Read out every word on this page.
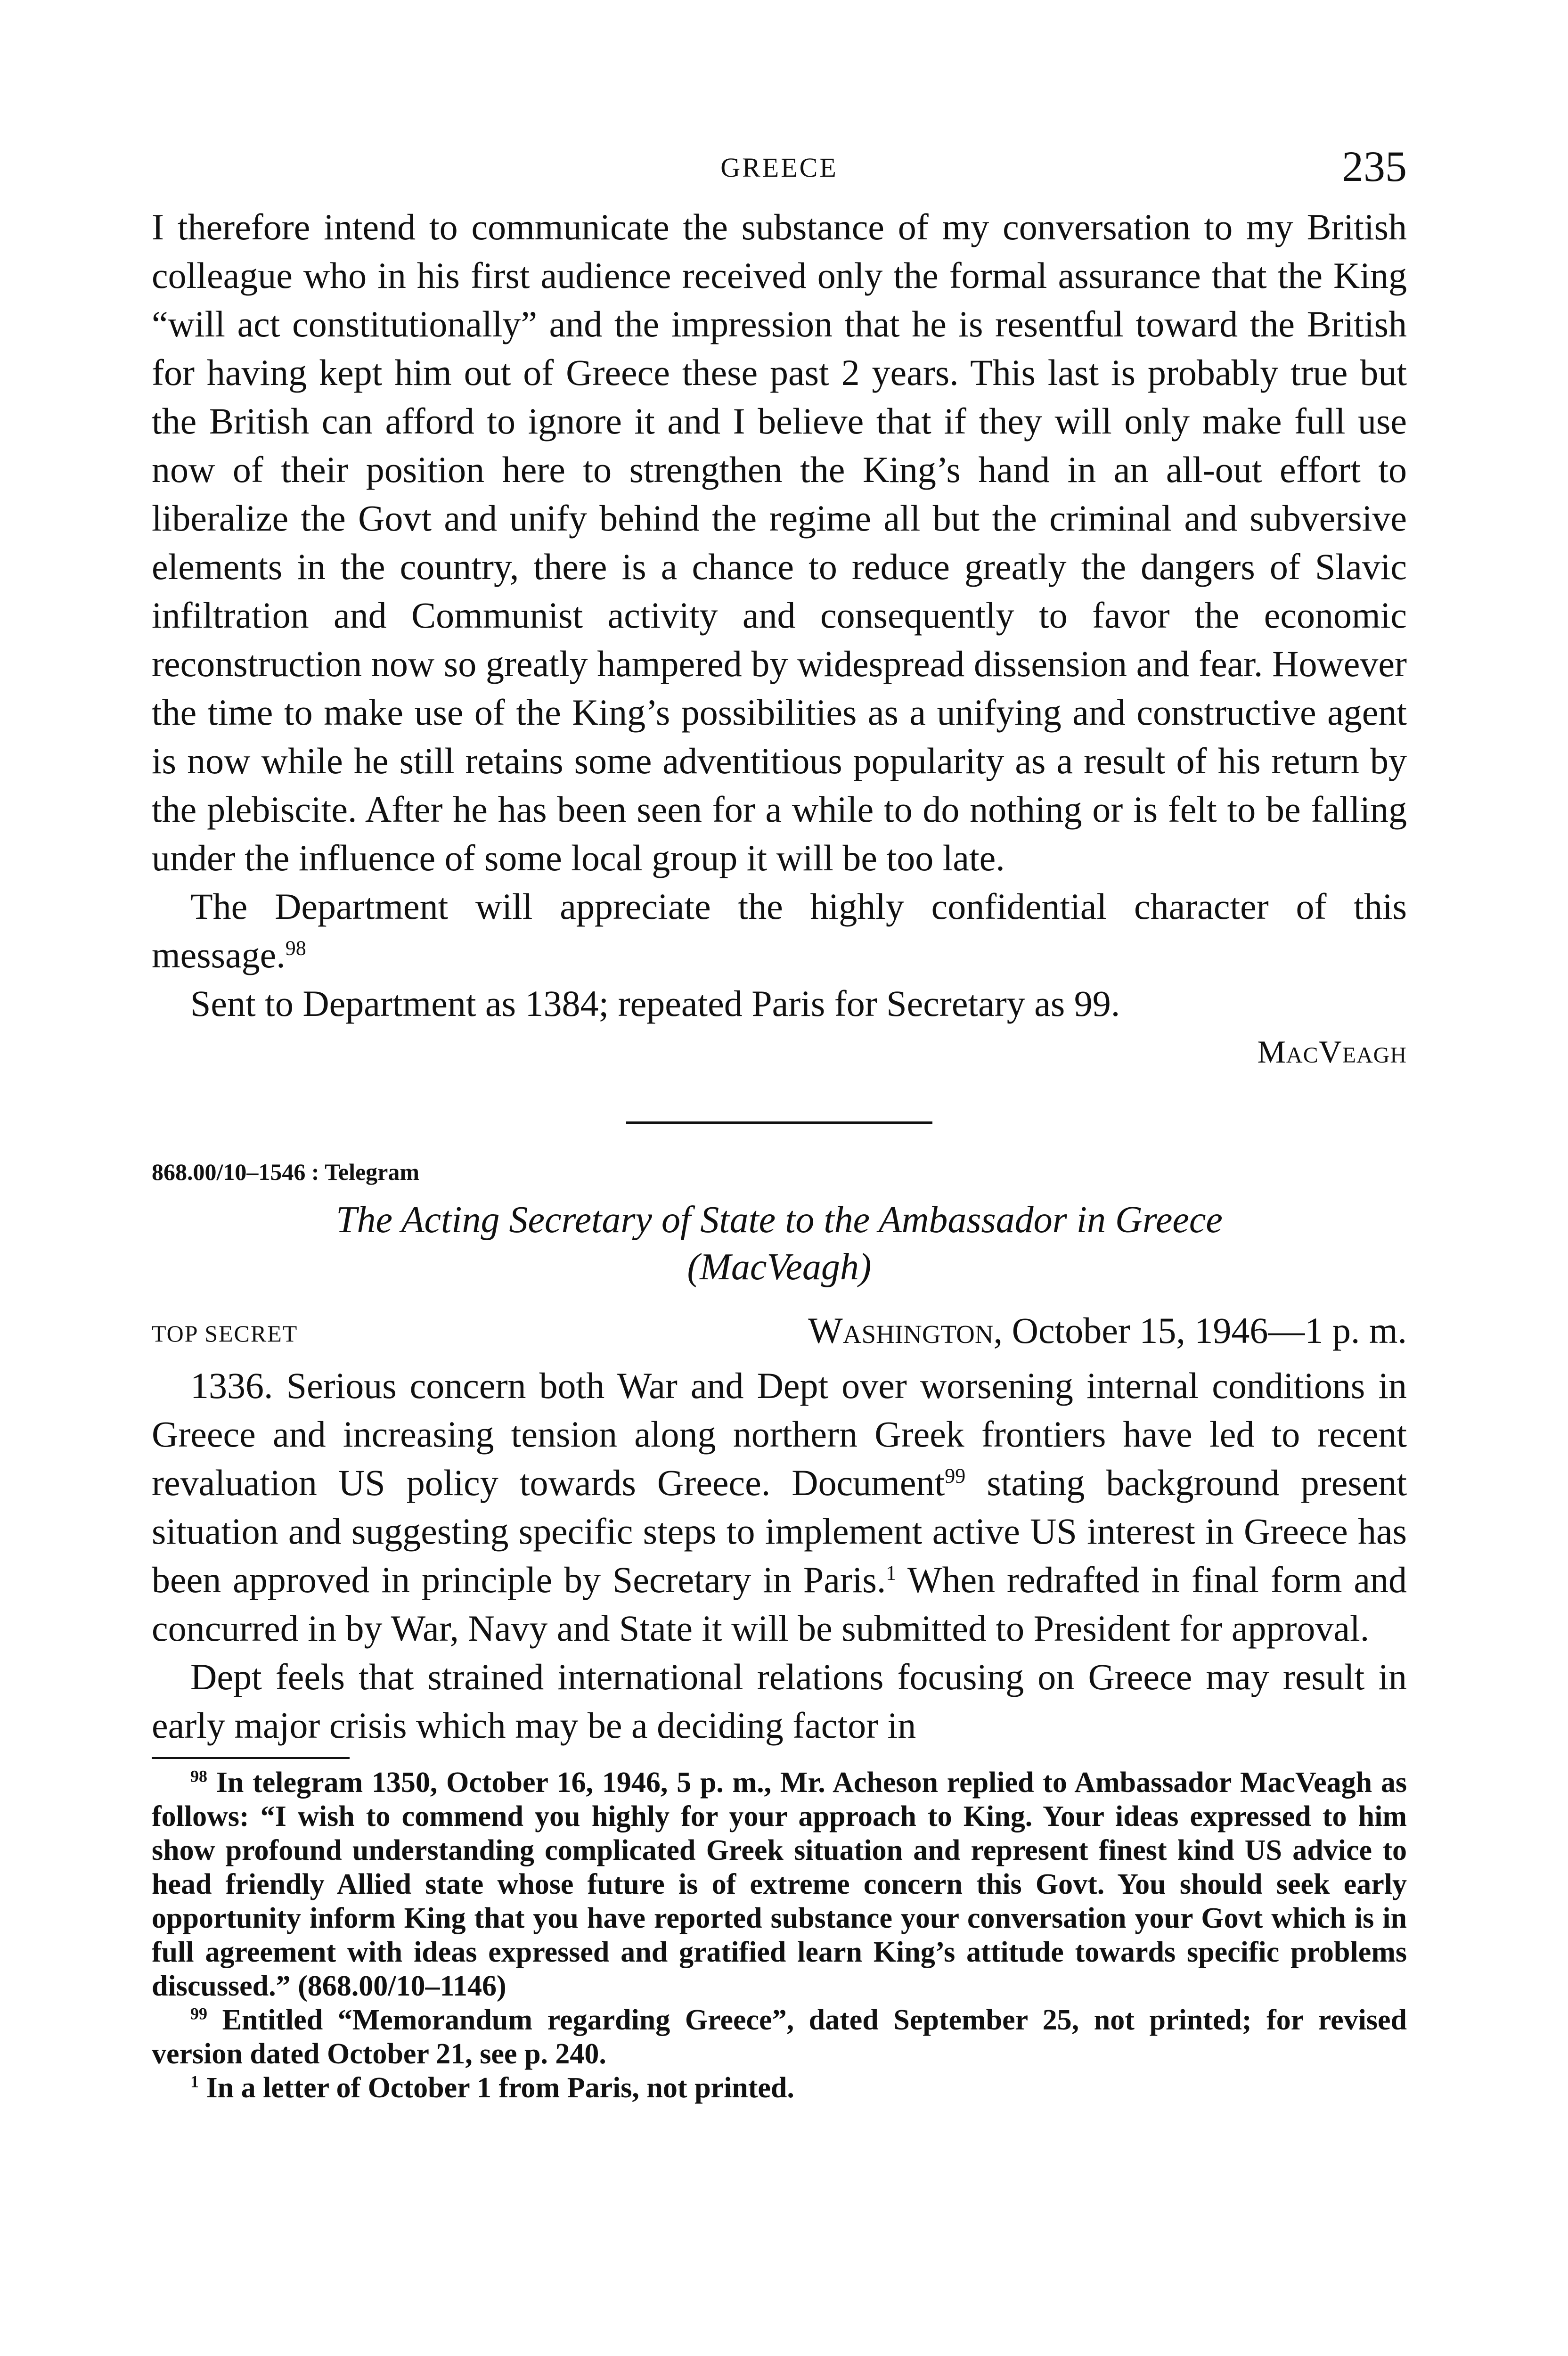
GREECE	235

I therefore intend to communicate the substance of my conversation to my British colleague who in his first audience received only the formal assurance that the King “will act constitutionally” and the impression that he is resentful toward the British for having kept him out of Greece these past 2 years. This last is probably true but the British can afford to ignore it and I believe that if they will only make full use now of their position here to strengthen the King’s hand in an all-out effort to liberalize the Govt and unify behind the regime all but the criminal and subversive elements in the country, there is a chance to reduce greatly the dangers of Slavic infiltration and Communist activity and consequently to favor the economic reconstruction now so greatly hampered by widespread dissension and fear. However the time to make use of the King’s possibilities as a unifying and constructive agent is now while he still retains some adventitious popularity as a result of his return by the plebiscite. After he has been seen for a while to do nothing or is felt to be falling under the influence of some local group it will be too late.

The Department will appreciate the highly confidential character of this message.$^{98}$

Sent to Department as 1384; repeated Paris for Secretary as 99.

MacVeagh

868.00/10–1546 : Telegram

The Acting Secretary of State to the Ambassador in Greece
(MacVeagh)

TOP SECRET	Washington, October 15, 1946—1 p. m.

1336. Serious concern both War and Dept over worsening internal conditions in Greece and increasing tension along northern Greek frontiers have led to recent revaluation US policy towards Greece. Document$^{99}$ stating background present situation and suggesting specific steps to implement active US interest in Greece has been approved in principle by Secretary in Paris.$^1$ When redrafted in final form and concurred in by War, Navy and State it will be submitted to President for approval.

Dept feels that strained international relations focusing on Greece may result in early major crisis which may be a deciding factor in

$^{98}$ In telegram 1350, October 16, 1946, 5 p. m., Mr. Acheson replied to Ambassador MacVeagh as follows: “I wish to commend you highly for your approach to King. Your ideas expressed to him show profound understanding complicated Greek situation and represent finest kind US advice to head friendly Allied state whose future is of extreme concern this Govt. You should seek early opportunity inform King that you have reported substance your conversation your Govt which is in full agreement with ideas expressed and gratified learn King’s attitude towards specific problems discussed.” (868.00/10–1146)

$^{99}$ Entitled “Memorandum regarding Greece”, dated September 25, not printed; for revised version dated October 21, see p. 240.

$^1$ In a letter of October 1 from Paris, not printed.
